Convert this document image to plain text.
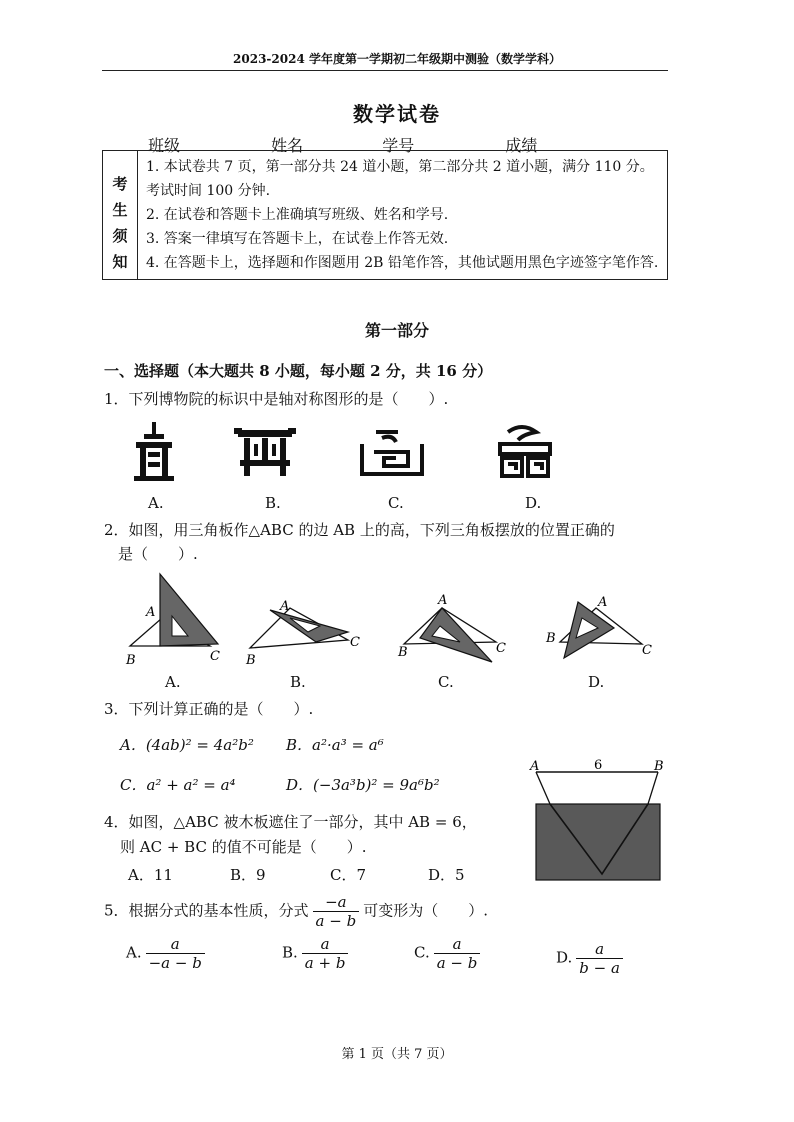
2023-2024 学年度第一学期初二年级期中测验（数学学科）
数学试卷
班级	姓名	学号	成绩
考
生
须
知

1. 本试卷共 7 页，第一部分共 24 道小题，第二部分共 2 道小题，满分 110 分。考试时间 100 分钟.
2. 在试卷和答题卡上准确填写班级、姓名和学号.
3. 答案一律填写在答题卡上，在试卷上作答无效.
4. 在答题卡上，选择题和作图题用 2B 铅笔作答，其他试题用黑色字迹签字笔作答.
第一部分
一、选择题（本大题共 8 小题，每小题 2 分，共 16 分）
1．下列博物院的标识中是轴对称图形的是（　　）.
A.	B.	C.	D.
2．如图，用三角板作△ABC 的边 AB 上的高，下列三角板摆放的位置正确的
是（　　）.
A
B	C
A
B
C
A
B	C
A
B
C
A.	B.	C.	D.
3．下列计算正确的是（　　）.
A．(4ab)² = 4a²b² B．a²·a³ = a⁶
C．a² + a² = a⁴	D．(−3a³b)² = 9a⁶b²
A	B
6
4．如图，△ABC 被木板遮住了一部分，其中 AB = 6，
则 AC + BC 的值不可能是（　　）.
A．11	B．9	C．7	D．5
5．根据分式的基本性质，分式 $\frac{-a}{a - b}$ 可变形为（　　）.
A. $\frac{a}{-a - b}$	B. $\frac{a}{a + b}$	C. $\frac{a}{a - b}$	D. $\frac{a}{b - a}$
第 1 页（共 7 页）
